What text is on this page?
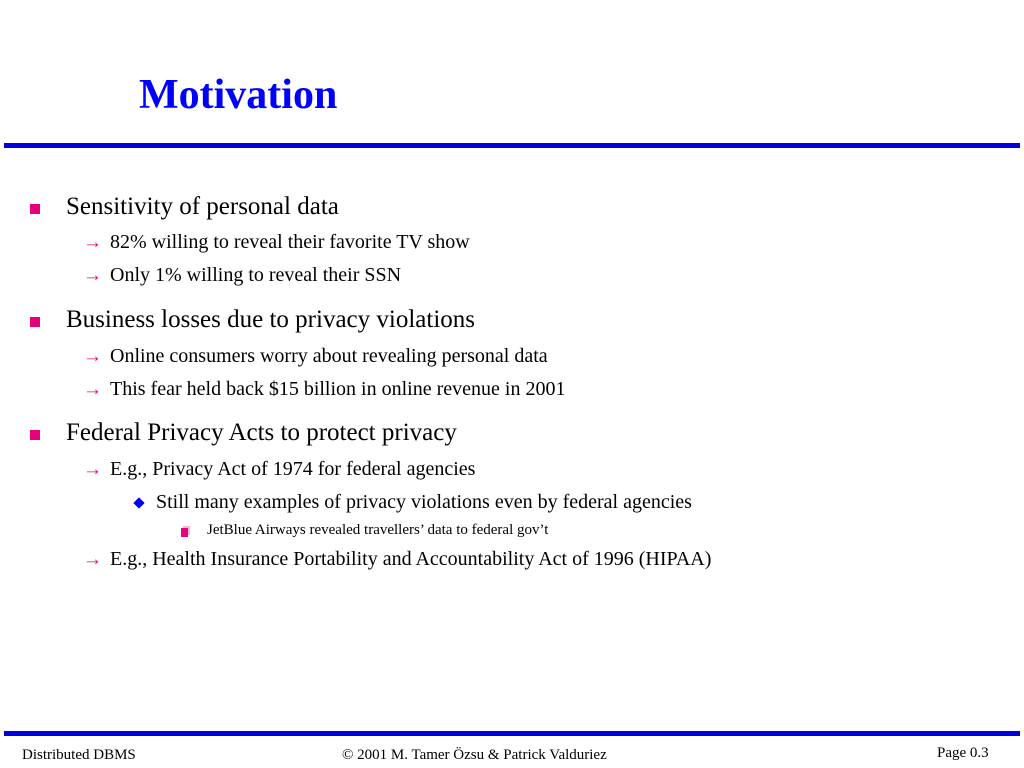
Motivation
Sensitivity of personal data
→ 82% willing to reveal their favorite TV show
→ Only 1% willing to reveal their SSN
Business losses due to privacy violations
→ Online consumers worry about revealing personal data
→ This fear held back $15 billion in online revenue in 2001
Federal Privacy Acts to protect privacy
→ E.g., Privacy Act of 1974 for federal agencies
Still many examples of privacy violations even by federal agencies
JetBlue Airways revealed travellers’ data to federal gov’t
→ E.g., Health Insurance Portability and Accountability Act of 1996 (HIPAA)
Distributed DBMS	© 2001 M. Tamer Özsu & Patrick Valduriez	Page 0.3
